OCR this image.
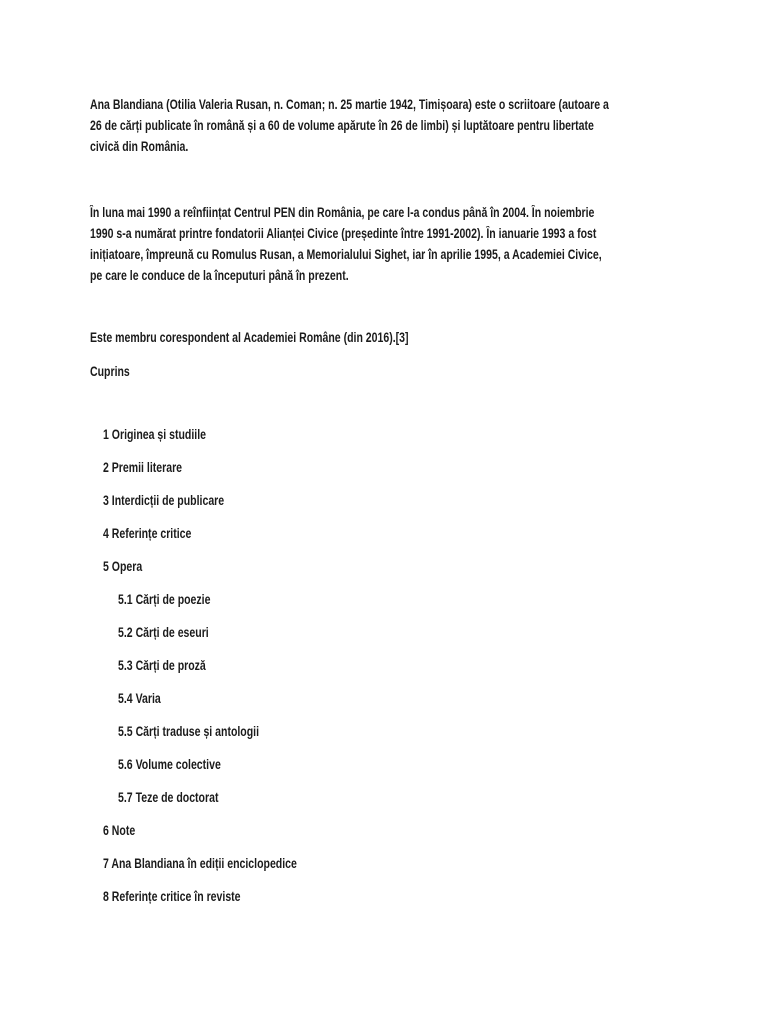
Ana Blandiana (Otilia Valeria Rusan, n. Coman; n. 25 martie 1942, Timișoara) este o scriitoare (autoare a
26 de cărți publicate în română și a 60 de volume apărute în 26 de limbi) și luptătoare pentru libertate
civică din România.
În luna mai 1990 a reînființat Centrul PEN din România, pe care l-a condus până în 2004. În noiembrie
1990 s-a numărat printre fondatorii Alianței Civice (președinte între 1991-2002). În ianuarie 1993 a fost
inițiatoare, împreună cu Romulus Rusan, a Memorialului Sighet, iar în aprilie 1995, a Academiei Civice,
pe care le conduce de la începuturi până în prezent.
Este membru corespondent al Academiei Române (din 2016).[3]
Cuprins
1 Originea și studiile
2 Premii literare
3 Interdicții de publicare
4 Referințe critice
5 Opera
5.1 Cărți de poezie
5.2 Cărți de eseuri
5.3 Cărți de proză
5.4 Varia
5.5 Cărți traduse și antologii
5.6 Volume colective
5.7 Teze de doctorat
6 Note
7 Ana Blandiana în ediții enciclopedice
8 Referințe critice în reviste
